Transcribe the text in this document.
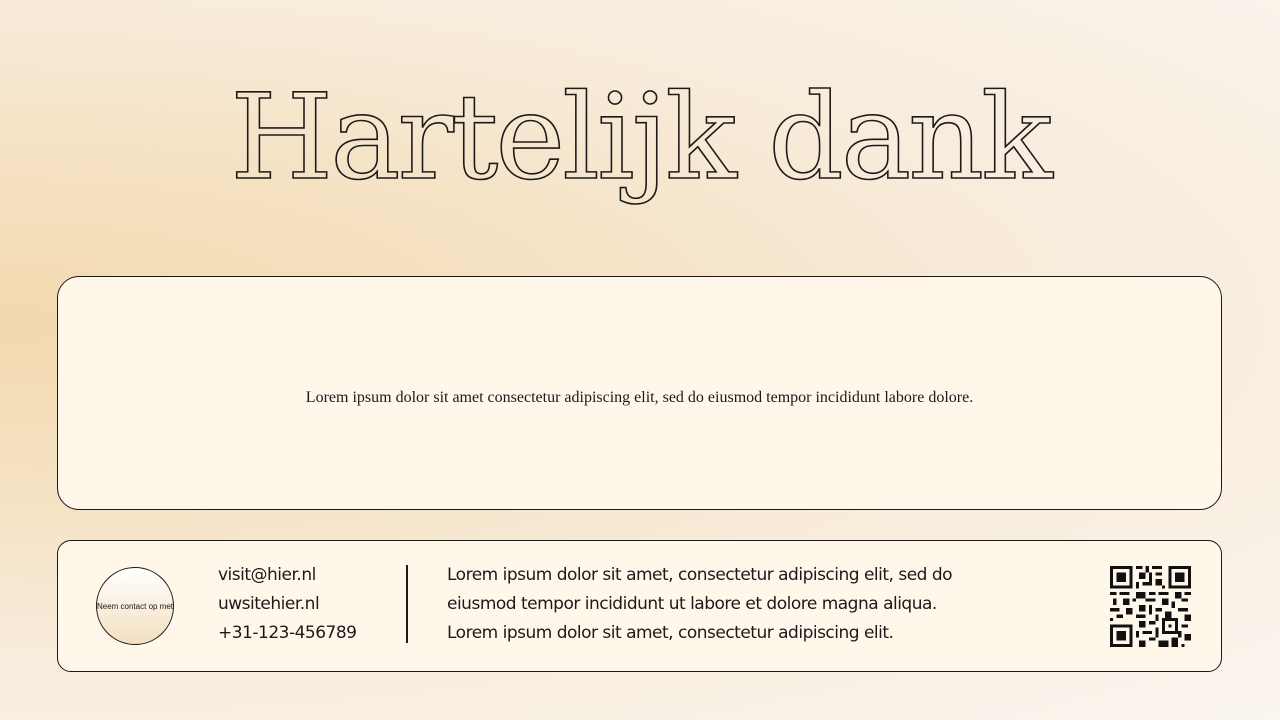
Hartelijk dank
Lorem ipsum dolor sit amet consectetur adipiscing elit, sed do eiusmod tempor incididunt labore dolore.
Neem contact op met
visit@hier.nl
uwsitehier.nl
+31-123-456789
Lorem ipsum dolor sit amet, consectetur adipiscing elit, sed do
eiusmod tempor incididunt ut labore et dolore magna aliqua.
Lorem ipsum dolor sit amet, consectetur adipiscing elit.
